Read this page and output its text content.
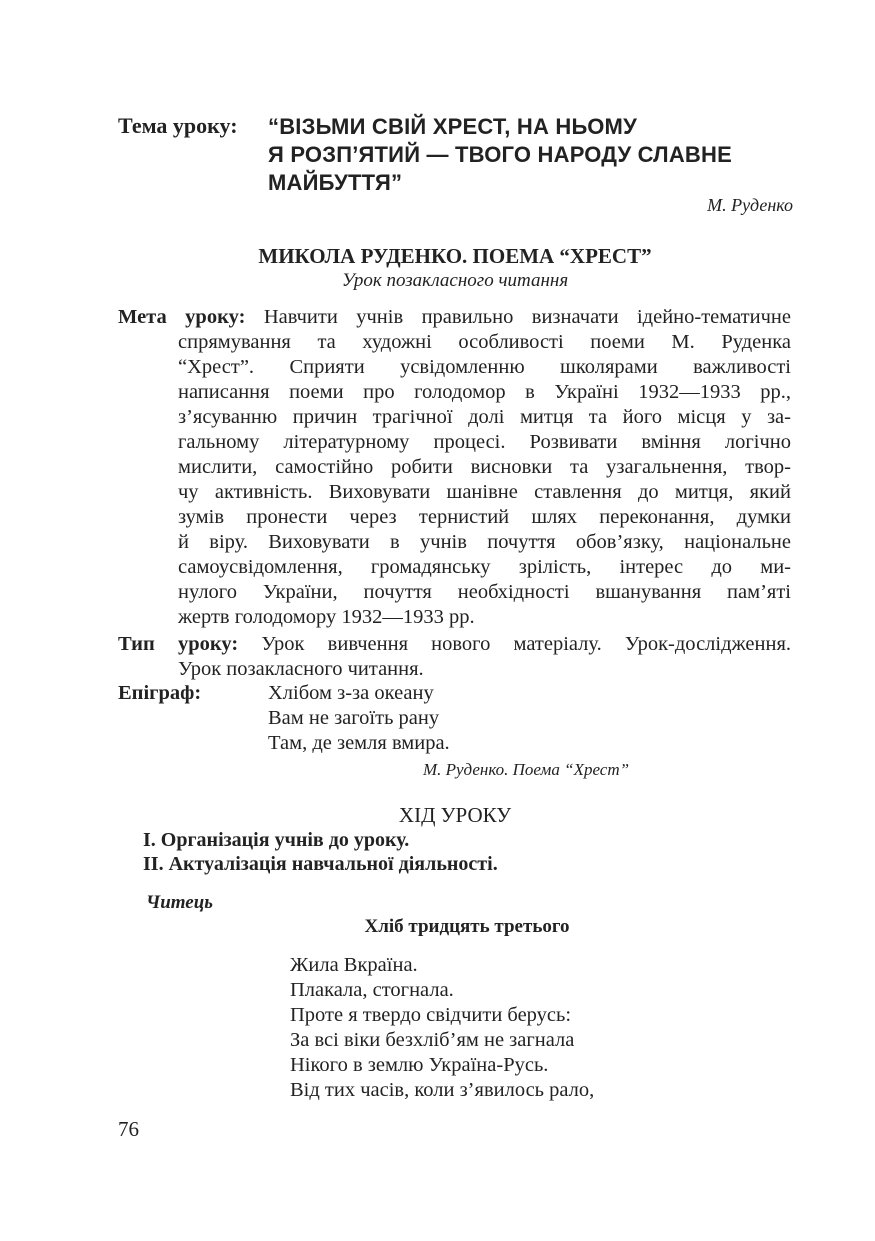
Тема уроку: “ВІЗЬМИ СВІЙ ХРЕСТ, НА НЬОМУ
Я РОЗП’ЯТИЙ — ТВОГО НАРОДУ СЛАВНЕ
МАЙБУТТЯ”
М. Руденко
МИКОЛА РУДЕНКО. ПОЕМА “ХРЕСТ”
Урок позакласного читання
Мета уроку: Навчити учнів правильно визначати ідейно-тематичне
спрямування та художні особливості поеми М. Руденка
“Хрест”. Сприяти усвідомленню школярами важливості
написання поеми про голодомор в Україні 1932—1933 рр.,
з’ясуванню причин трагічної долі митця та його місця у за-
гальному літературному процесі. Розвивати вміння логічно
мислити, самостійно робити висновки та узагальнення, твор-
чу активність. Виховувати шанівне ставлення до митця, який
зумів пронести через тернистий шлях переконання, думки
й віру. Виховувати в учнів почуття обов’язку, національне
самоусвідомлення, громадянську зрілість, інтерес до ми-
нулого України, почуття необхідності вшанування пам’яті
жертв голодомору 1932—1933 рр.
Тип уроку: Урок вивчення нового матеріалу. Урок-дослідження.
Урок позакласного читання.
Епіграф:	Хлібом з-за океану
Вам не загоїть рану
Там, де земля вмира.
М. Руденко. Поема “Хрест”
ХІД УРОКУ
І. Організація учнів до уроку.
ІІ. Актуалізація навчальної діяльності.
Читець
Хліб тридцять третього
Жила Вкраїна.
Плакала, стогнала.
Проте я твердо свідчити берусь:
За всі віки безхліб’ям не загнала
Нікого в землю Україна-Русь.
Від тих часів, коли з’явилось рало,
76
